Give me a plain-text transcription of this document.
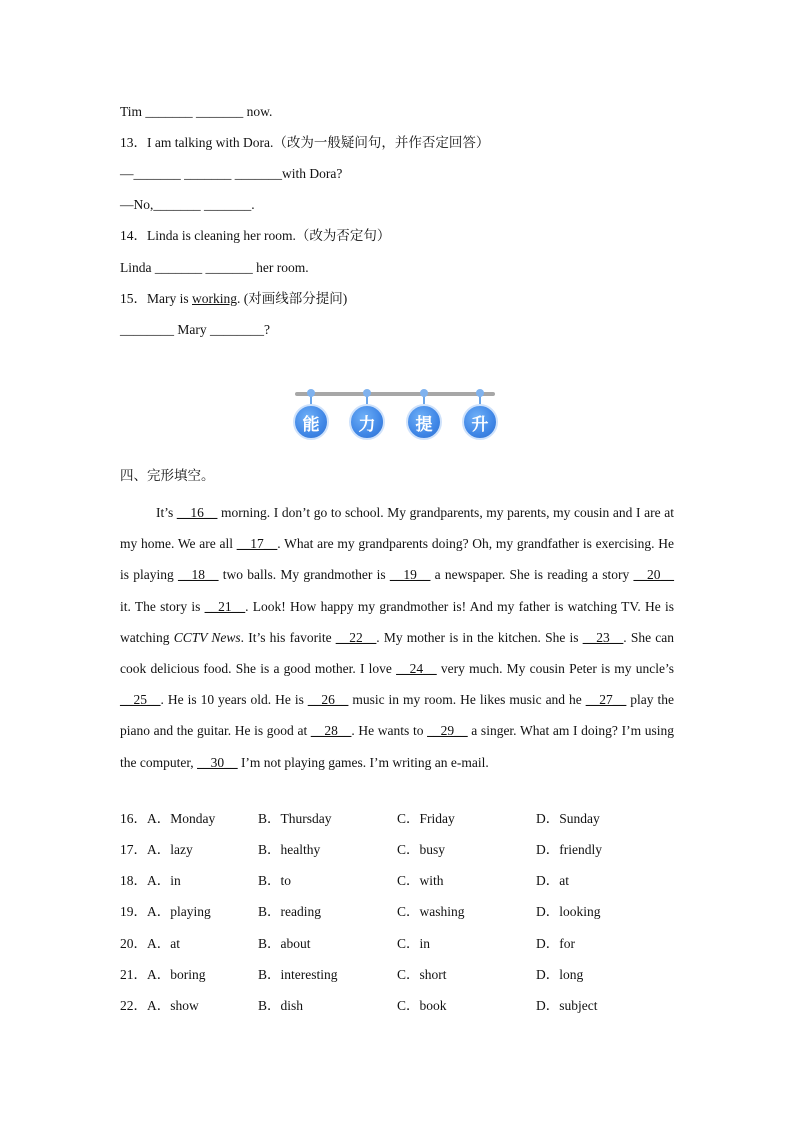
Tim _______ _______ now.
13．I am talking with Dora.（改为一般疑问句，并作否定回答）
—_______ _______ _______with Dora?
—No,_______ _______.
14．Linda is cleaning her room.（改为否定句）
Linda _______ _______ her room.
15．Mary is working. (对画线部分提问)
________ Mary ________?
能	力	提	升
四、完形填空。
It’s __16__ morning. I don’t go to school. My grandparents, my parents, my cousin and I are at my home. We are all __17__. What are my grandparents doing? Oh, my grandfather is exercising. He is playing __18__ two balls. My grandmother is __19__ a newspaper. She is reading a story __20__ it. The story is __21__. Look! How happy my grandmother is! And my father is watching TV. He is watching CCTV News. It’s his favorite __22__. My mother is in the kitchen. She is __23__. She can cook delicious food. She is a good mother. I love __24__ very much. My cousin Peter is my uncle’s __25__. He is 10 years old. He is __26__ music in my room. He likes music and he __27__ play the piano and the guitar. He is good at __28__. He wants to __29__ a singer. What am I doing? I’m using the computer, __30__ I’m not playing games. I’m writing an e-mail.
16．A．Monday	B．Thursday	C．Friday	D．Sunday
17．A．lazy	B．healthy	C．busy	D．friendly
18．A．in	B．to	C．with	D．at
19．A．playing	B．reading	C．washing	D．looking
20．A．at	B．about	C．in	D．for
21．A．boring	B．interesting	C．short	D．long
22．A．show	B．dish	C．book	D．subject
